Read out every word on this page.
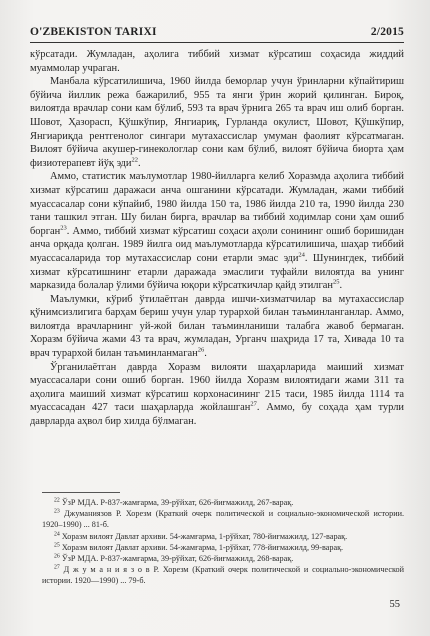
O'ZBEKISTON TARIXI	2/2015

кўрсатади. Жумладан, аҳолига тиббий хизмат кўрсатиш соҳасида жиддий муаммолар учраган.

Манбала кўрсатилишича, 1960 йилда беморлар учун ўринларни кўпайтириш бўйича йиллик режа бажарилиб, 955 та янги ўрин жорий қилинган. Бироқ, вилоятда врачлар сони кам бўлиб, 593 та врач ўрнига 265 та врач иш олиб борган. Шовот, Ҳазорасп, Қўшкўпир, Янгиариқ, Гурланда окулист, Шовот, Қўшкўпир, Янгиариқда рентгенолог сингари мутахассислар умуман фаолият кўрсатмаган. Вилоят бўйича акушер-гинекологлар сони кам бўлиб, вилоят бўйича биорта ҳам физиотерапевт йўқ эди$^{22}$.

Аммо, статистик маълумотлар 1980-йилларга келиб Хоразмда аҳолига тиббий хизмат кўрсатиш даражаси анча ошганини кўрсатади. Жумладан, жами тиббий муассасалар сони кўпайиб, 1980 йилда 150 та, 1986 йилда 210 та, 1990 йилда 230 тани ташкил этган. Шу билан бирга, врачлар ва тиббий ходимлар сони ҳам ошиб борган$^{23}$. Аммо, тиббий хизмат кўрсатиш соҳаси аҳоли сонининг ошиб боришидан анча орқада қолган. 1989 йилга оид маълумотларда кўрсатилишича, шаҳар тиббий муассасаларида тор мутахассислар сони етарли эмас эди$^{24}$. Шунингдек, тиббий хизмат кўрсатишнинг етарли даражада эмаслиги туфайли вилоятда ва унинг марказида болалар ўлими бўйича юқори кўрсаткичлар қайд этилган$^{25}$.

Маълумки, кўриб ўтилаётган даврда ишчи-хизматчилар ва мутахассислар қўнимсизлигига барҳам бериш учун улар турархой билан таъминланганлар. Аммо, вилоятда врачларнинг уй-жой билан таъминланиши талабга жавоб бермаган. Хоразм бўйича жами 43 та врач, жумладан, Урганч шаҳрида 17 та, Хивада 10 та врач турархой билан таъминланмаган$^{26}$.

Ўрганилаётган даврда Хоразм вилояти шаҳарларида маиший хизмат муассасалари сони ошиб борган. 1960 йилда Хоразм вилоятидаги жами 311 та аҳолига маиший хизмат кўрсатиш корхонасининг 215 таси, 1985 йилда 1114 та муассасадан 427 таси шаҳарларда жойлашган$^{27}$. Аммо, бу соҳада ҳам турли даврларда аҳвол бир хилда бўлмаган.

$^{22}$ ЎзР МДА. Р-837-жамғарма, 39-рўйхат, 626-йиғмажилд, 267-варақ.

$^{23}$ Джуманиязов Р. Хорезм (Краткий очерк политической и социально-экономической истории. 1920–1990) ... 81-б.

$^{24}$ Хоразм вилоят Давлат архиви. 54-жамғарма, 1-рўйхат, 780-йиғмажилд, 127-варақ.

$^{25}$ Хоразм вилоят Давлат архиви. 54-жамғарма, 1-рўйхат, 778-йиғмажилд, 99-варақ.

$^{26}$ ЎзР МДА. Р-837-жамғарма, 39-рўйхат, 626-йиғмажилд, 268-варақ.

$^{27}$ Д ж у м а н и я з о в Р. Хорезм (Краткий очерк политической и социально-экономической истории. 1920—1990) ... 79-б.

55
